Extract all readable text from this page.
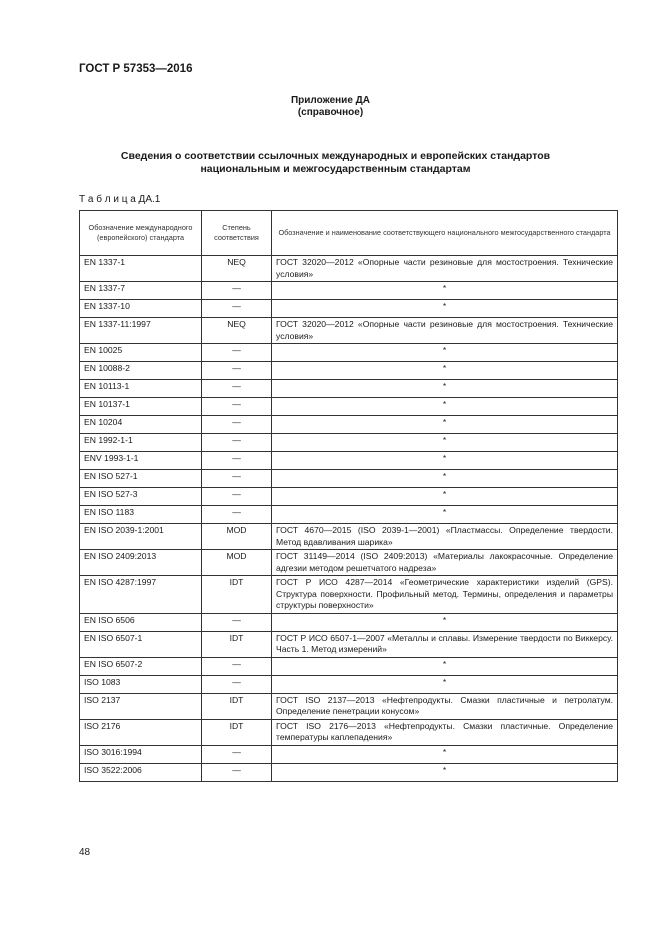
ГОСТ Р 57353—2016
Приложение ДА
(справочное)
Сведения о соответствии ссылочных международных и европейских стандартов
национальным и межгосударственным стандартам
Т а б л и ц а ДА.1
Обозначение международного (европейского) стандарта	Степень соответствия	Обозначение и наименование соответствующего национального межгосударственного стандарта
EN 1337-1	NEQ	ГОСТ 32020—2012 «Опорные части резиновые для мостостроения. Технические условия»
EN 1337-7	—	*
EN 1337-10	—	*
EN 1337-11:1997	NEQ	ГОСТ 32020—2012 «Опорные части резиновые для мостостроения. Технические условия»
EN 10025	—	*
EN 10088-2	—	*
EN 10113-1	—	*
EN 10137-1	—	*
EN 10204	—	*
EN 1992-1-1	—	*
ENV 1993-1-1	—	*
EN ISO 527-1	—	*
EN ISO 527-3	—	*
EN ISO 1183	—	*
EN ISO 2039-1:2001	MOD	ГОСТ 4670—2015 (ISO 2039-1—2001) «Пластмассы. Определение твердости. Метод вдавливания шарика»
EN ISO 2409:2013	MOD	ГОСТ 31149—2014 (ISO 2409:2013) «Материалы лакокрасочные. Определение адгезии методом решетчатого надреза»
EN ISO 4287:1997	IDT	ГОСТ Р ИСО 4287—2014 «Геометрические характеристики изделий (GPS). Структура поверхности. Профильный метод. Термины, определения и параметры структуры поверхности»
EN ISO 6506	—	*
EN ISO 6507-1	IDT	ГОСТ Р ИСО 6507-1—2007 «Металлы и сплавы. Измерение твердости по Виккерсу. Часть 1. Метод измерений»
EN ISO 6507-2	—	*
ISO 1083	—	*
ISO 2137	IDT	ГОСТ ISO 2137—2013 «Нефтепродукты. Смазки пластичные и петролатум. Определение пенетрации конусом»
ISO 2176	IDT	ГОСТ ISO 2176—2013 «Нефтепродукты. Смазки пластичные. Определение температуры каплепадения»
ISO 3016:1994	—	*
ISO 3522:2006	—	*
48
